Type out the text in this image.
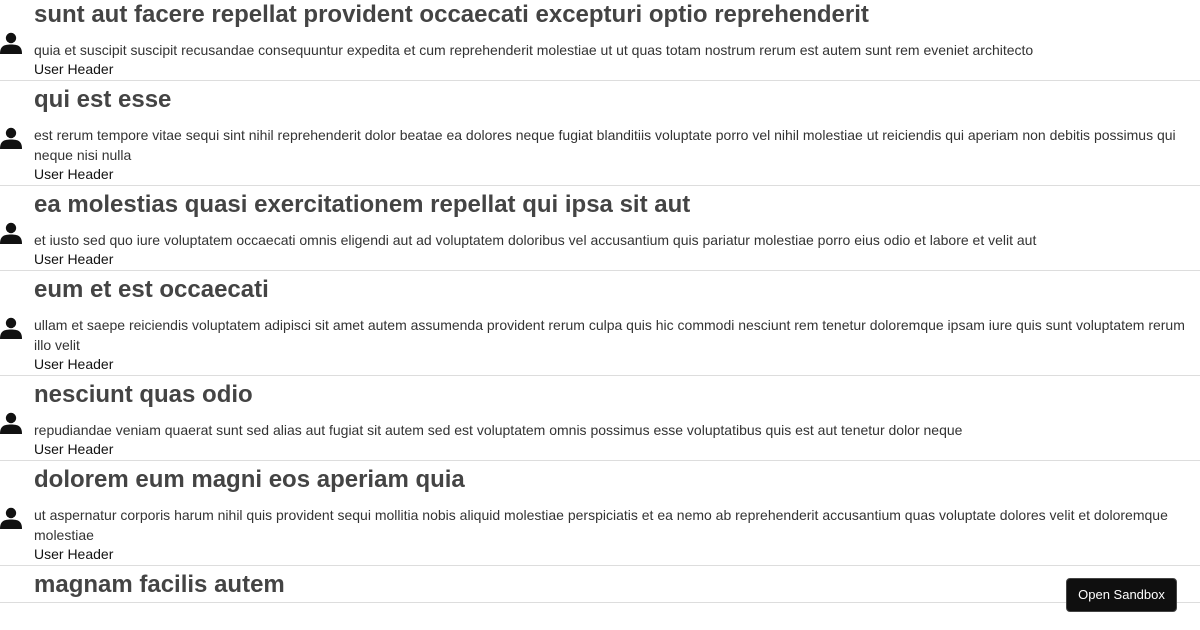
sunt aut facere repellat provident occaecati excepturi optio reprehenderit

quia et suscipit suscipit recusandae consequuntur expedita et cum reprehenderit molestiae ut ut quas totam nostrum rerum est autem sunt rem eveniet architecto

User Header
qui est esse

est rerum tempore vitae sequi sint nihil reprehenderit dolor beatae ea dolores neque fugiat blanditiis voluptate porro vel nihil molestiae ut reiciendis qui aperiam non debitis possimus qui neque nisi nulla

User Header
ea molestias quasi exercitationem repellat qui ipsa sit aut

et iusto sed quo iure voluptatem occaecati omnis eligendi aut ad voluptatem doloribus vel accusantium quis pariatur molestiae porro eius odio et labore et velit aut

User Header
eum et est occaecati

ullam et saepe reiciendis voluptatem adipisci sit amet autem assumenda provident rerum culpa quis hic commodi nesciunt rem tenetur doloremque ipsam iure quis sunt voluptatem rerum illo velit

User Header
nesciunt quas odio

repudiandae veniam quaerat sunt sed alias aut fugiat sit autem sed est voluptatem omnis possimus esse voluptatibus quis est aut tenetur dolor neque

User Header
dolorem eum magni eos aperiam quia

ut aspernatur corporis harum nihil quis provident sequi mollitia nobis aliquid molestiae perspiciatis et ea nemo ab reprehenderit accusantium quas voluptate dolores velit et doloremque molestiae

User Header
magnam facilis autem	Open Sandbox
